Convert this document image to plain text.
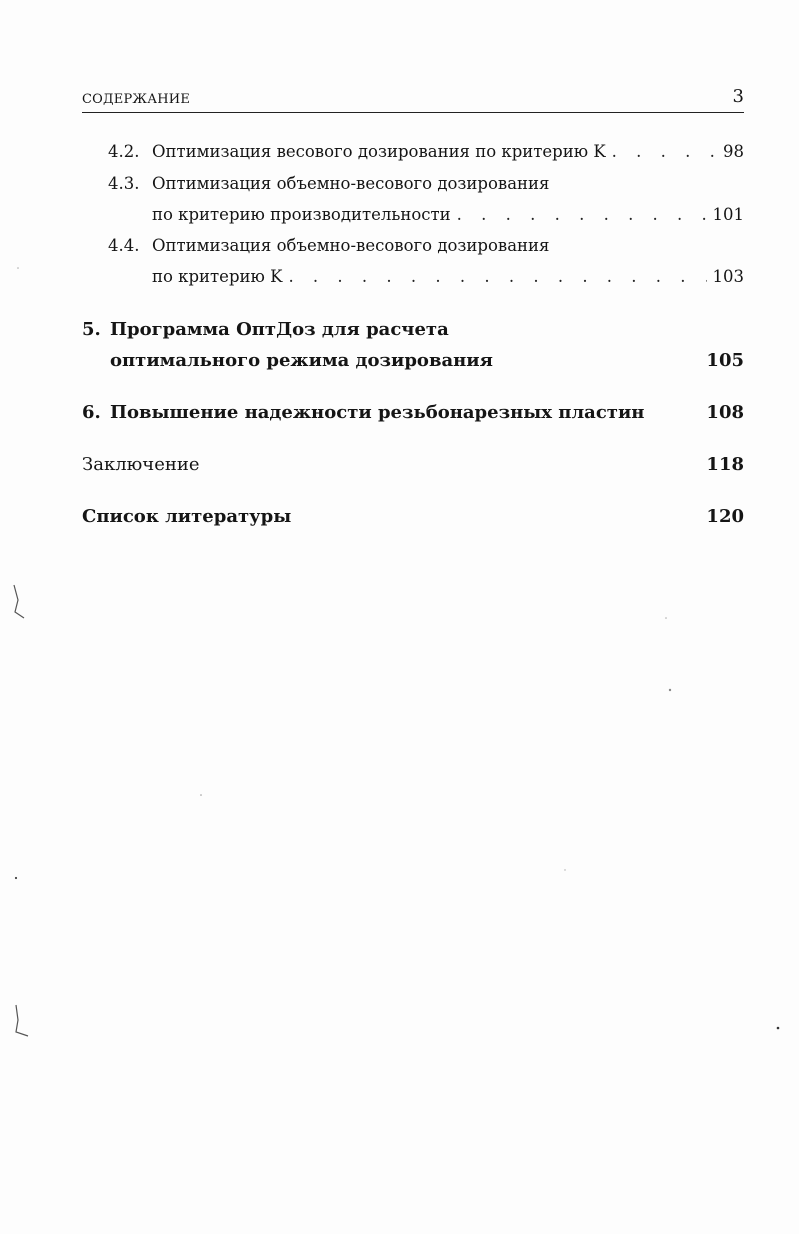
СОДЕРЖАНИЕ	3
4.2. Оптимизация весового дозирования по критерию K . . .	98
4.3. Оптимизация объемно-весового дозирования
по критерию производительности . . .	101
4.4. Оптимизация объемно-весового дозирования
по критерию K . . .	103
5. Программа ОптДоз для расчета
оптимального режима дозирования	105
6. Повышение надежности резьбонарезных пластин	108
Заключение	118
Список литературы	120
